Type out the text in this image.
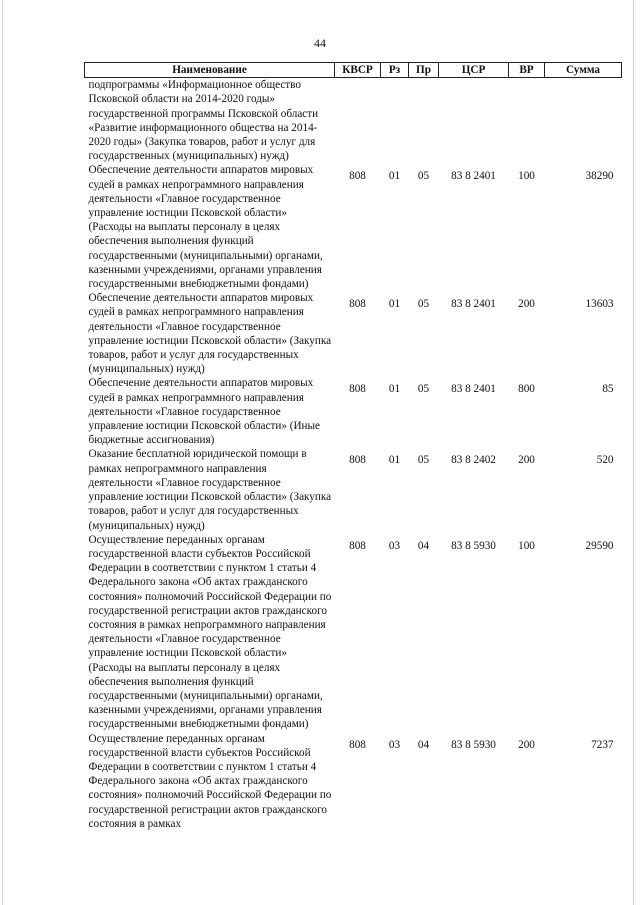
44
Наименование	КВСР	Рз	Пр	ЦСР	ВР	Сумма
подпрограммы «Информационное общество Псковской области на 2014-2020 годы» государственной программы Псковской области «Развитие информационного общества на 2014-2020 годы» (Закупка товаров, работ и услуг для государственных (муниципальных) нужд)						
Обеспечение деятельности аппаратов мировых судей в рамках непрограммного направления деятельности «Главное государственное управление юстиции Псковской области» (Расходы на выплаты персоналу в целях обеспечения выполнения функций государственными (муниципальными) органами, казенными учреждениями, органами управления государственными внебюджетными фондами)	808	01	05	83 8 2401	100	38290
Обеспечение деятельности аппаратов мировых судей в рамках непрограммного направления деятельности «Главное государственное управление юстиции Псковской области» (Закупка товаров, работ и услуг для государственных (муниципальных) нужд)	808	01	05	83 8 2401	200	13603
Обеспечение деятельности аппаратов мировых судей в рамках непрограммного направления деятельности «Главное государственное управление юстиции Псковской области» (Иные бюджетные ассигнования)	808	01	05	83 8 2401	800	85
Оказание бесплатной юридической помощи в рамках непрограммного направления деятельности «Главное государственное управление юстиции Псковской области» (Закупка товаров, работ и услуг для государственных (муниципальных) нужд)	808	01	05	83 8 2402	200	520
Осуществление переданных органам государственной власти субъектов Российской Федерации в соответствии с пунктом 1 статьи 4 Федерального закона «Об актах гражданского состояния» полномочий Российской Федерации по государственной регистрации актов гражданского состояния в рамках непрограммного направления деятельности «Главное государственное управление юстиции Псковской области» (Расходы на выплаты персоналу в целях обеспечения выполнения функций государственными (муниципальными) органами, казенными учреждениями, органами управления государственными внебюджетными фондами)	808	03	04	83 8 5930	100	29590
Осуществление переданных органам государственной власти субъектов Российской Федерации в соответствии с пунктом 1 статьи 4 Федерального закона «Об актах гражданского состояния» полномочий Российской Федерации по государственной регистрации актов гражданского состояния в рамках	808	03	04	83 8 5930	200	7237
